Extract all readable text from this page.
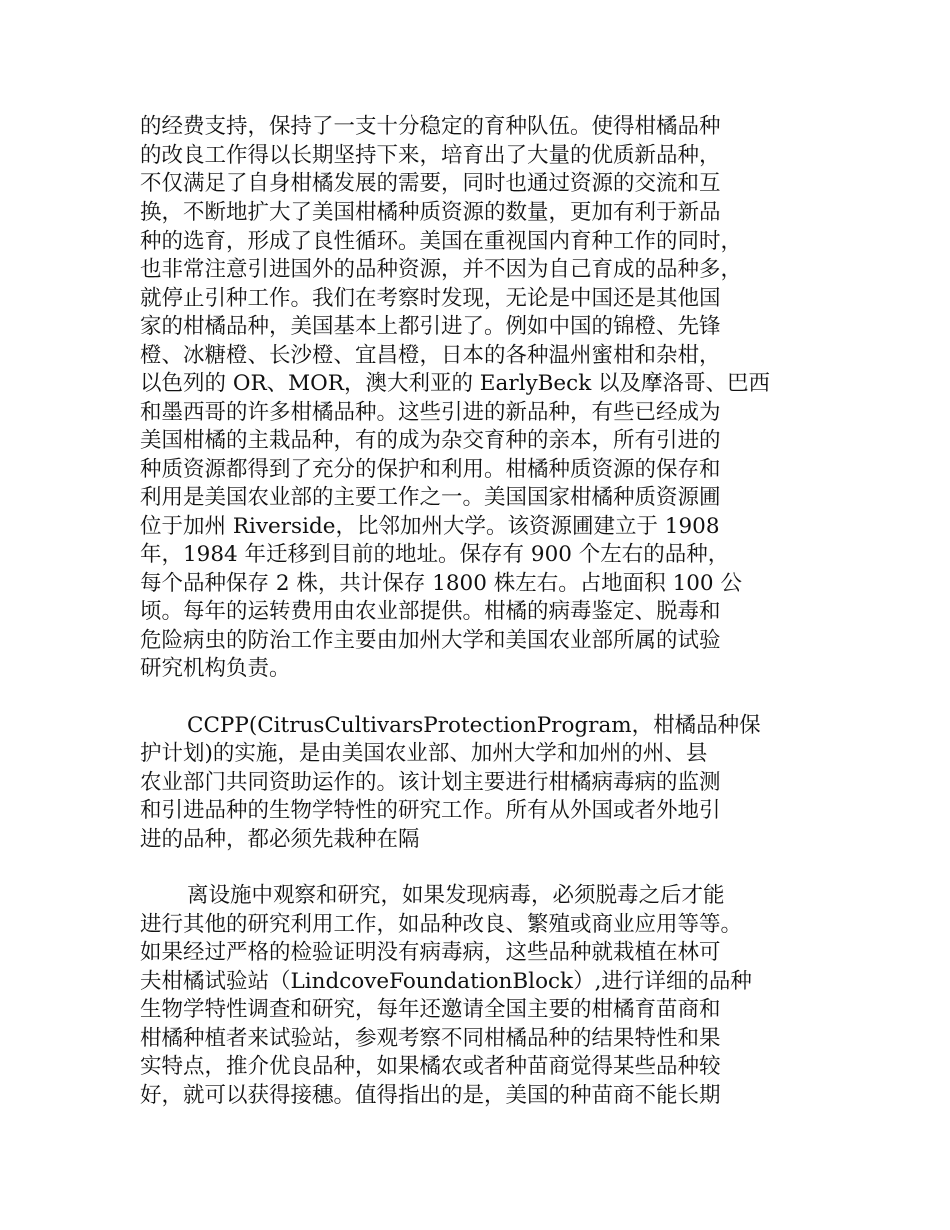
的经费支持，保持了一支十分稳定的育种队伍。使得柑橘品种
的改良工作得以长期坚持下来，培育出了大量的优质新品种，
不仅满足了自身柑橘发展的需要，同时也通过资源的交流和互
换，不断地扩大了美国柑橘种质资源的数量，更加有利于新品
种的选育，形成了良性循环。美国在重视国内育种工作的同时，
也非常注意引进国外的品种资源，并不因为自己育成的品种多，
就停止引种工作。我们在考察时发现，无论是中国还是其他国
家的柑橘品种，美国基本上都引进了。例如中国的锦橙、先锋
橙、冰糖橙、长沙橙、宜昌橙，日本的各种温州蜜柑和杂柑，
以色列的 OR、MOR，澳大利亚的 EarlyBeck 以及摩洛哥、巴西
和墨西哥的许多柑橘品种。这些引进的新品种，有些已经成为
美国柑橘的主栽品种，有的成为杂交育种的亲本，所有引进的
种质资源都得到了充分的保护和利用。柑橘种质资源的保存和
利用是美国农业部的主要工作之一。美国国家柑橘种质资源圃
位于加州 Riverside，比邻加州大学。该资源圃建立于 1908
年，1984 年迁移到目前的地址。保存有 900 个左右的品种，
每个品种保存 2 株，共计保存 1800 株左右。占地面积 100 公
顷。每年的运转费用由农业部提供。柑橘的病毒鉴定、脱毒和
危险病虫的防治工作主要由加州大学和美国农业部所属的试验
研究机构负责。
CCPP(CitrusCultivarsProtectionProgram，柑橘品种保
护计划)的实施，是由美国农业部、加州大学和加州的州、县
农业部门共同资助运作的。该计划主要进行柑橘病毒病的监测
和引进品种的生物学特性的研究工作。所有从外国或者外地引
进的品种，都必须先栽种在隔
离设施中观察和研究，如果发现病毒，必须脱毒之后才能
进行其他的研究利用工作，如品种改良、繁殖或商业应用等等。
如果经过严格的检验证明没有病毒病，这些品种就栽植在林可
夫柑橘试验站（LindcoveFoundationBlock）,进行详细的品种
生物学特性调查和研究，每年还邀请全国主要的柑橘育苗商和
柑橘种植者来试验站，参观考察不同柑橘品种的结果特性和果
实特点，推介优良品种，如果橘农或者种苗商觉得某些品种较
好，就可以获得接穗。值得指出的是，美国的种苗商不能长期
